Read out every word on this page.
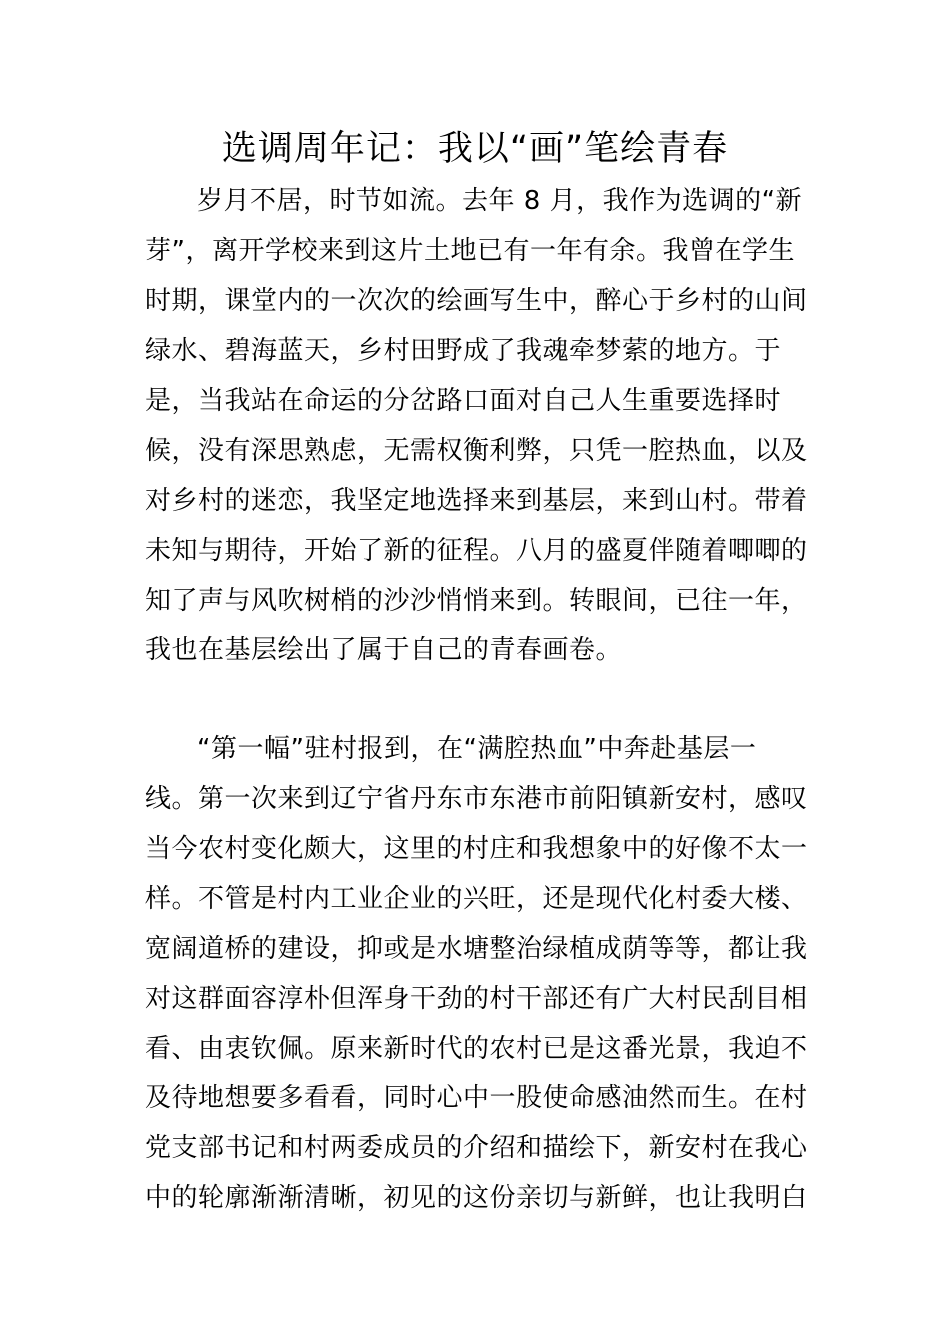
选调周年记：我以“画”笔绘青春

岁月不居，时节如流。去年 8 月，我作为选调的“新

芽”，离开学校来到这片土地已有一年有余。我曾在学生

时期，课堂内的一次次的绘画写生中，醉心于乡村的山间

绿水、碧海蓝天，乡村田野成了我魂牵梦萦的地方。于

是，当我站在命运的分岔路口面对自己人生重要选择时

候，没有深思熟虑，无需权衡利弊，只凭一腔热血，以及

对乡村的迷恋，我坚定地选择来到基层，来到山村。带着

未知与期待，开始了新的征程。八月的盛夏伴随着唧唧的

知了声与风吹树梢的沙沙悄悄来到。转眼间，已往一年，

我也在基层绘出了属于自己的青春画卷。

“第一幅”驻村报到，在“满腔热血”中奔赴基层一

线。第一次来到辽宁省丹东市东港市前阳镇新安村，感叹

当今农村变化颇大，这里的村庄和我想象中的好像不太一

样。不管是村内工业企业的兴旺，还是现代化村委大楼、

宽阔道桥的建设，抑或是水塘整治绿植成荫等等，都让我

对这群面容淳朴但浑身干劲的村干部还有广大村民刮目相

看、由衷钦佩。原来新时代的农村已是这番光景，我迫不

及待地想要多看看，同时心中一股使命感油然而生。在村

党支部书记和村两委成员的介绍和描绘下，新安村在我心

中的轮廓渐渐清晰，初见的这份亲切与新鲜，也让我明白
